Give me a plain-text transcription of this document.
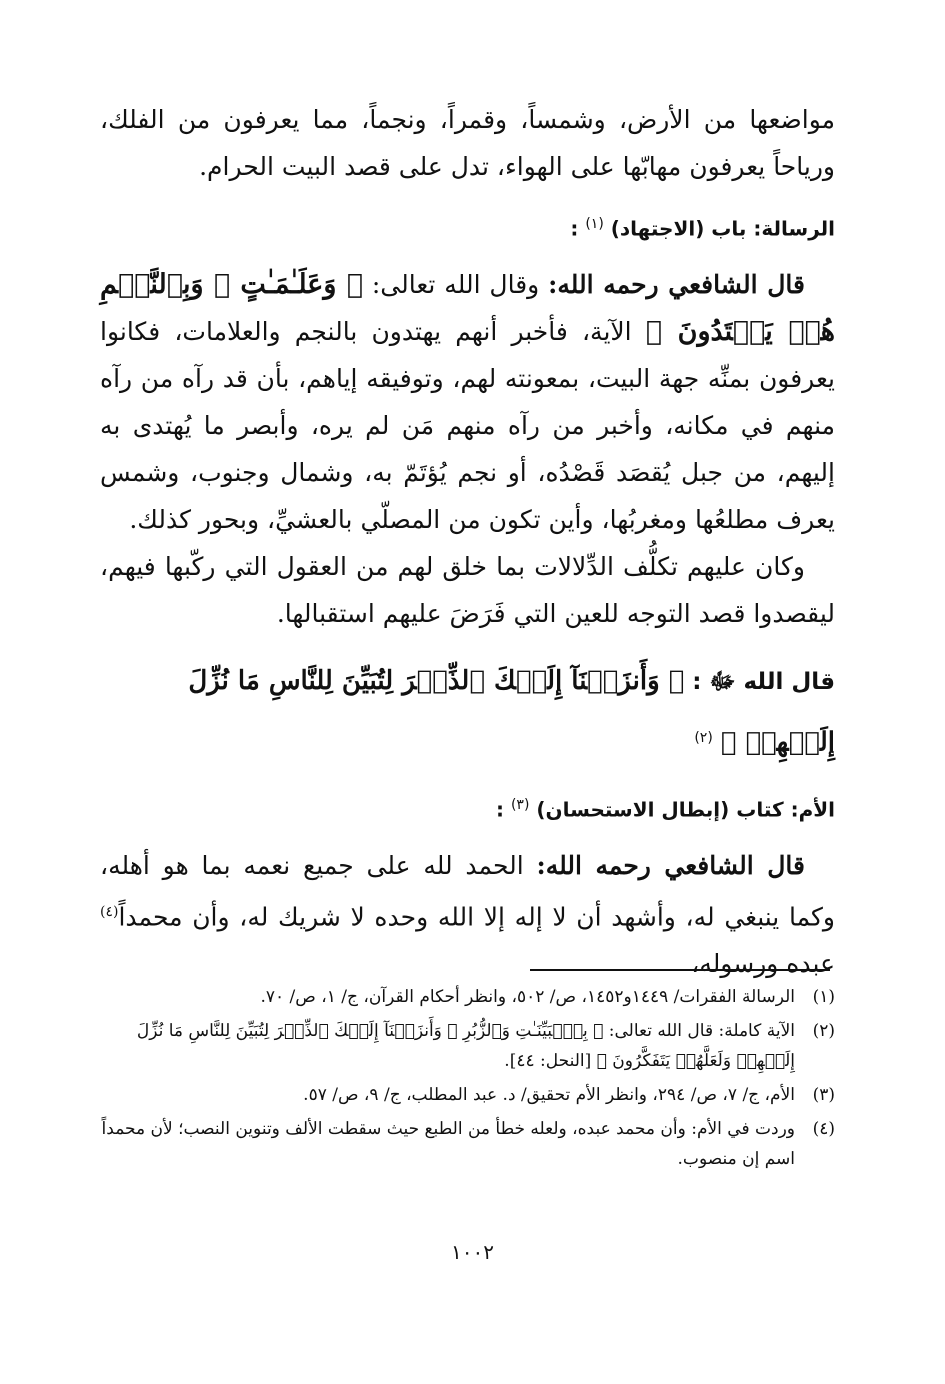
مواضعها من الأرض، وشمساً، وقمراً، ونجماً، مما يعرفون من الفلك، ورياحاً يعرفون مهابّها على الهواء، تدل على قصد البيت الحرام.

الرسالة: باب (الاجتهاد) $^{(١)}$ :

قال الشافعي رحمه الله: وقال الله تعالى: ﴿ وَعَلَـٰمَـٰتٍ ۚ وَبِٱلنَّجۡمِ هُمۡ يَهۡتَدُونَ ﴾ الآية، فأخبر أنهم يهتدون بالنجم والعلامات، فكانوا يعرفون بمنِّه جهة البيت، بمعونته لهم، وتوفيقه إياهم، بأن قد رآه من رآه منهم في مكانه، وأخبر من رآه منهم مَن لم يره، وأبصر ما يُهتدى به إليهم، من جبل يُقصَد قَصْدُه، أو نجم يُؤتَمّ به، وشمال وجنوب، وشمس يعرف مطلعُها ومغربُها، وأين تكون من المصلّي بالعشيِّ، وبحور كذلك.

وكان عليهم تكلُّف الدِّلالات بما خلق لهم من العقول التي ركّبها فيهم، ليقصدوا قصد التوجه للعين التي فَرَضَ عليهم استقبالها.

قال الله ﷻ : ﴿ وَأَنزَلۡنَآ إِلَيۡكَ ٱلذِّكۡرَ لِتُبَيِّنَ لِلنَّاسِ مَا نُزِّلَ إِلَيۡهِمۡ ﴾ $^{(٢)}$
الأم: كتاب (إبطال الاستحسان) $^{(٣)}$ :

قال الشافعي رحمه الله: الحمد لله على جميع نعمه بما هو أهله، وكما ينبغي له، وأشهد أن لا إله إلا الله وحده لا شريك له، وأن محمداً$^{(٤)}$ عبده ورسوله،

(١)
الرسالة الفقرات/ ١٤٤٩و١٤٥٢، ص/ ٥٠٢، وانظر أحكام القرآن، ج/ ١، ص/ ٧٠.
(٢)
الآية كاملة: قال الله تعالى: ﴿ بِٱلۡبَيِّنَـٰتِ وَٱلزُّبُرِ ۗ وَأَنزَلۡنَآ إِلَيۡكَ ٱلذِّكۡرَ لِتُبَيِّنَ لِلنَّاسِ مَا نُزِّلَ إِلَيۡهِمۡ وَلَعَلَّهُمۡ يَتَفَكَّرُونَ ﴾ [النحل: ٤٤].
(٣)
الأم، ج/ ٧، ص/ ٢٩٤، وانظر الأم تحقيق/ د. عبد المطلب، ج/ ٩، ص/ ٥٧.
(٤)
وردت في الأم: وأن محمد عبده، ولعله خطأ من الطبع حيث سقطت الألف وتنوين النصب؛ لأن محمداً اسم إن منصوب.
١٠٠٢
